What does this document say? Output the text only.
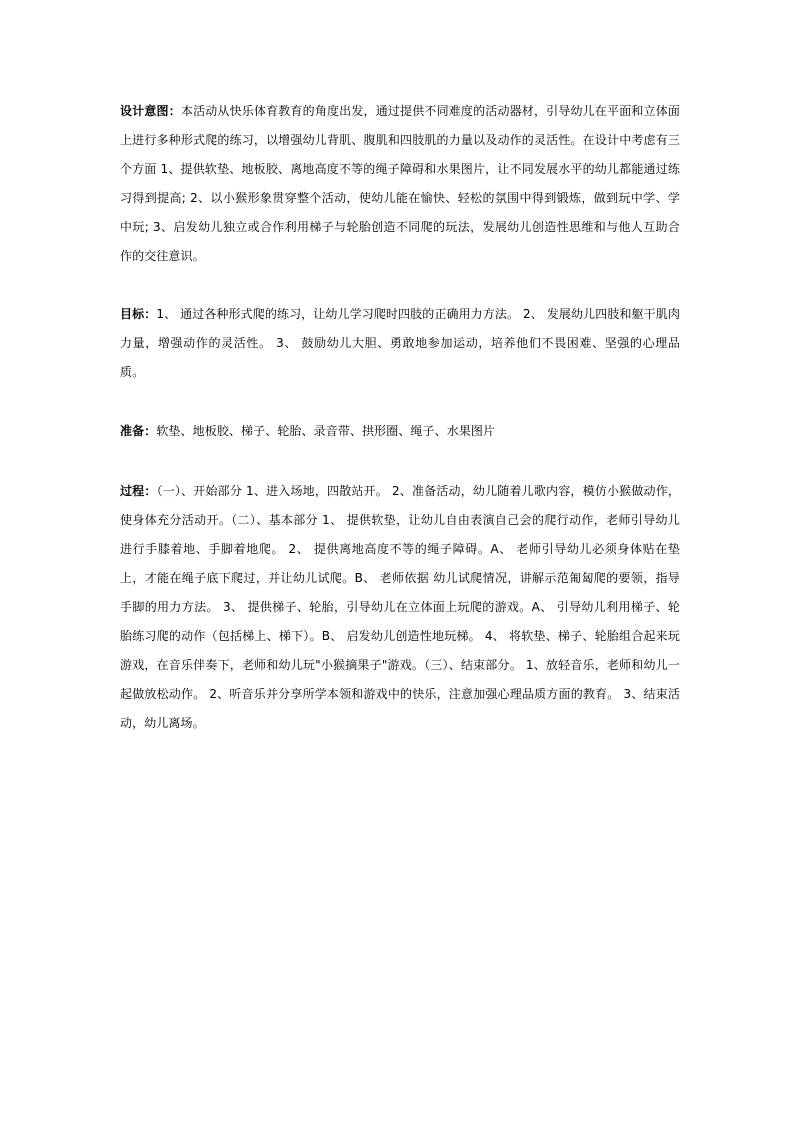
设计意图：本活动从快乐体育教育的角度出发，通过提供不同难度的活动器材，引导幼儿在平面和立体面上进行多种形式爬的练习，以增强幼儿背肌、腹肌和四肢肌的力量以及动作的灵活性。在设计中考虑有三个方面 1、提供软垫、地板胶、离地高度不等的绳子障碍和水果图片，让不同发展水平的幼儿都能通过练习得到提高; 2、以小猴形象贯穿整个活动，使幼儿能在愉快、轻松的氛围中得到锻炼，做到玩中学、学中玩; 3、启发幼儿独立或合作利用梯子与轮胎创造不同爬的玩法，发展幼儿创造性思维和与他人互助合作的交往意识。

目标：1、 通过各种形式爬的练习，让幼儿学习爬时四肢的正确用力方法。 2、 发展幼儿四肢和躯干肌肉力量，增强动作的灵活性。 3、 鼓励幼儿大胆、勇敢地参加运动，培养他们不畏困难、坚强的心理品质。

准备：软垫、地板胶、梯子、轮胎、录音带、拱形圈、绳子、水果图片

过程：（一）、开始部分 1、进入场地，四散站开。 2、准备活动，幼儿随着儿歌内容，模仿小猴做动作，使身体充分活动开。（二）、基本部分 1、 提供软垫，让幼儿自由表演自己会的爬行动作，老师引导幼儿进行手膝着地、手脚着地爬。 2、 提供离地高度不等的绳子障碍。A、 老师引导幼儿必须身体贴在垫上，才能在绳子底下爬过，并让幼儿试爬。B、 老师依据 幼儿试爬情况，讲解示范匍匐爬的要领，指导手脚的用力方法。 3、 提供梯子、轮胎，引导幼儿在立体面上玩爬的游戏。A、 引导幼儿利用梯子、轮胎练习爬的动作（包括梯上、梯下）。B、 启发幼儿创造性地玩梯。 4、 将软垫、梯子、轮胎组合起来玩游戏，在音乐伴奏下，老师和幼儿玩"小猴摘果子"游戏。（三）、结束部分。 1、放轻音乐，老师和幼儿一起做放松动作。 2、听音乐并分享所学本领和游戏中的快乐，注意加强心理品质方面的教育。 3、结束活动，幼儿离场。
